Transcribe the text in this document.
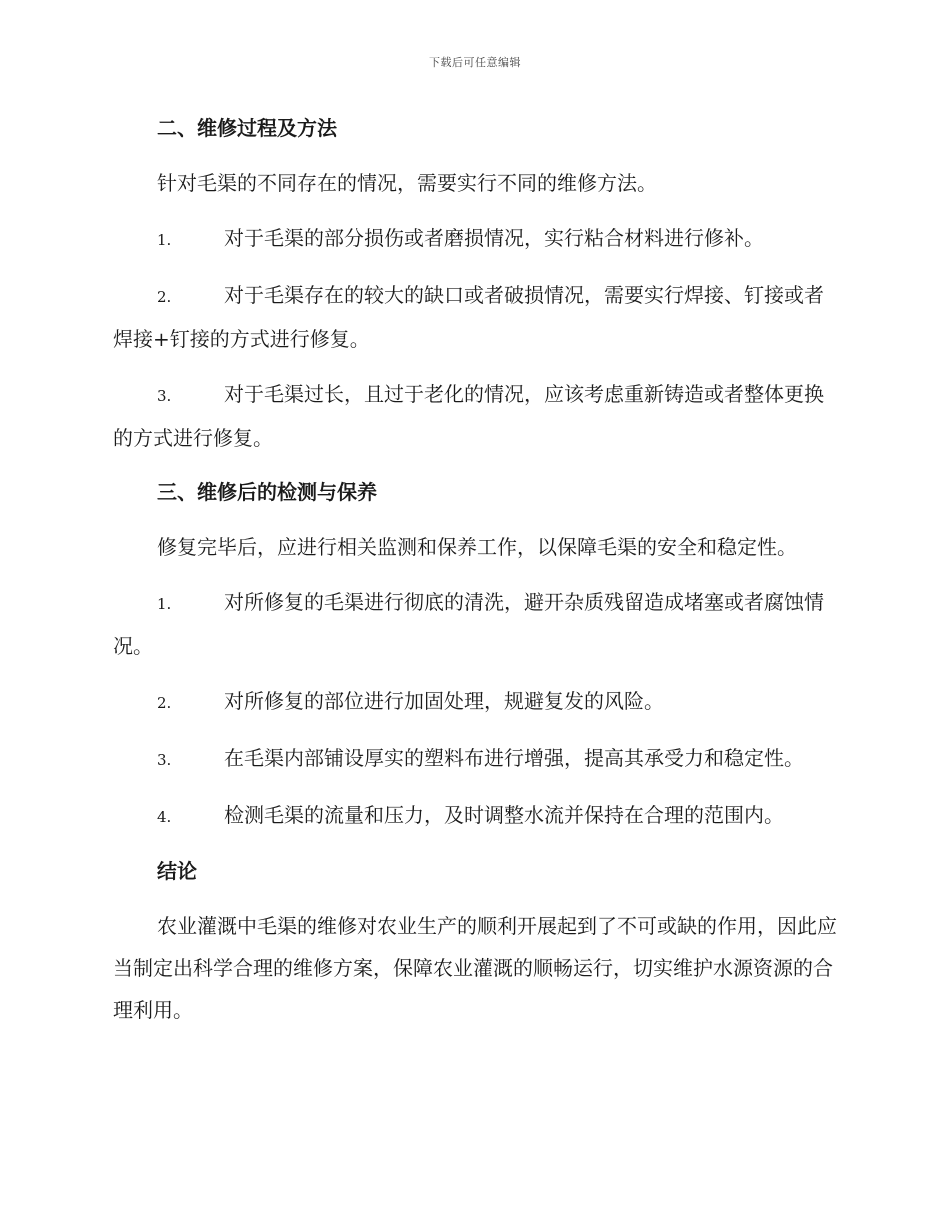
下载后可任意编辑
二、维修过程及方法

针对毛渠的不同存在的情况，需要实行不同的维修方法。

1.	对于毛渠的部分损伤或者磨损情况，实行粘合材料进行修补。
2.	对于毛渠存在的较大的缺口或者破损情况，需要实行焊接、钉接或者焊接+钉接的方式进行修复。
3.	对于毛渠过长，且过于老化的情况，应该考虑重新铸造或者整体更换的方式进行修复。
三、维修后的检测与保养

修复完毕后，应进行相关监测和保养工作，以保障毛渠的安全和稳定性。

1.	对所修复的毛渠进行彻底的清洗，避开杂质残留造成堵塞或者腐蚀情况。
2.	对所修复的部位进行加固处理，规避复发的风险。
3.	在毛渠内部铺设厚实的塑料布进行增强，提高其承受力和稳定性。
4.	检测毛渠的流量和压力，及时调整水流并保持在合理的范围内。
结论

农业灌溉中毛渠的维修对农业生产的顺利开展起到了不可或缺的作用，因此应当制定出科学合理的维修方案，保障农业灌溉的顺畅运行，切实维护水源资源的合理利用。
